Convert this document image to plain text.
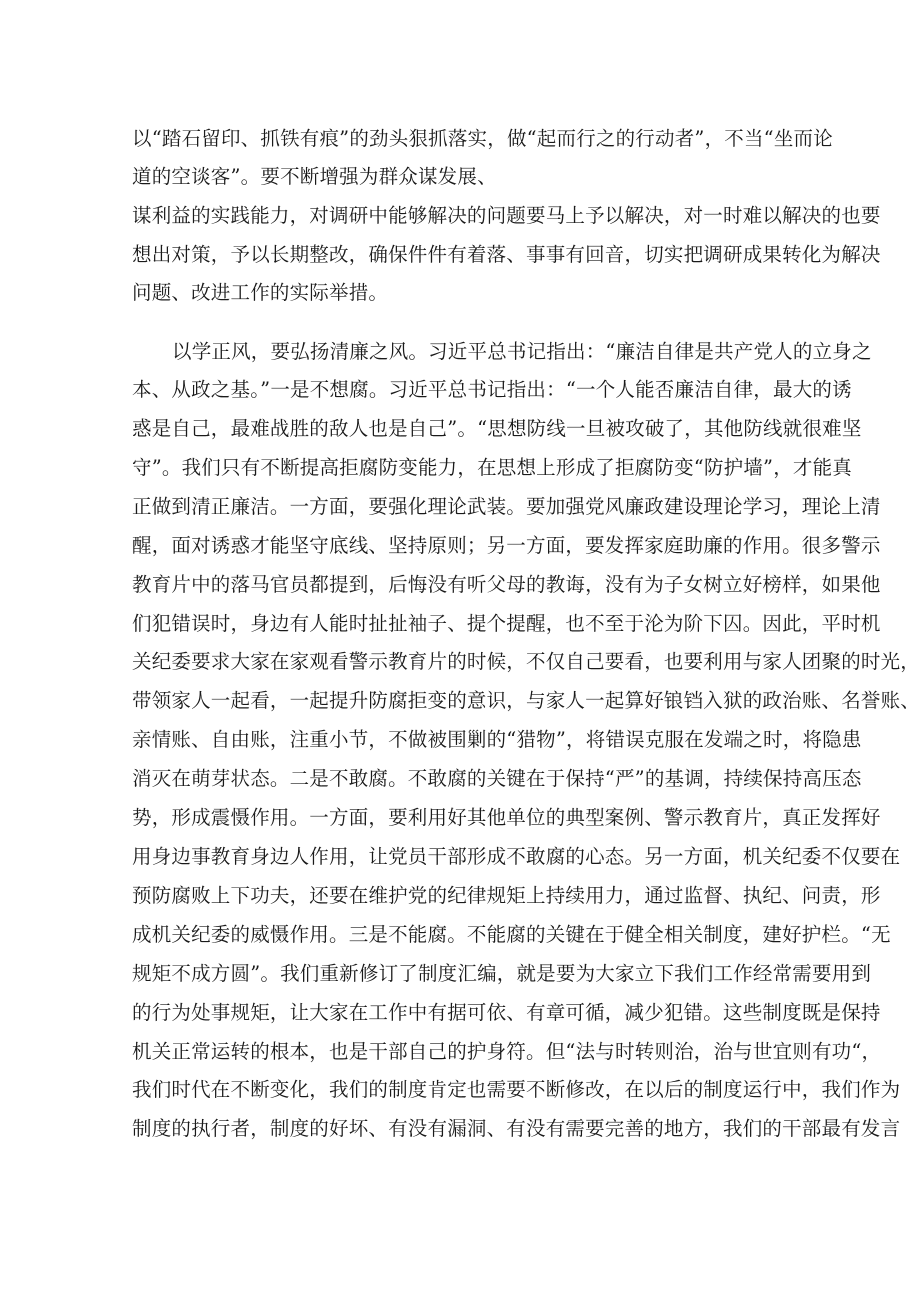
以“踏石留印、抓铁有痕”的劲头狠抓落实，做“起而行之的行动者”，不当“坐而论
道的空谈客”。要不断增强为群众谋发展、
谋利益的实践能力，对调研中能够解决的问题要马上予以解决，对一时难以解决的也要
想出对策，予以长期整改，确保件件有着落、事事有回音，切实把调研成果转化为解决
问题、改进工作的实际举措。
以学正风，要弘扬清廉之风。习近平总书记指出：“廉洁自律是共产党人的立身之
本、从政之基。”一是不想腐。习近平总书记指出：“一个人能否廉洁自律，最大的诱
惑是自己，最难战胜的敌人也是自己”。“思想防线一旦被攻破了，其他防线就很难坚
守”。我们只有不断提高拒腐防变能力，在思想上形成了拒腐防变“防护墙”，才能真
正做到清正廉洁。一方面，要强化理论武装。要加强党风廉政建设理论学习，理论上清
醒，面对诱惑才能坚守底线、坚持原则；另一方面，要发挥家庭助廉的作用。很多警示
教育片中的落马官员都提到，后悔没有听父母的教诲，没有为子女树立好榜样，如果他
们犯错误时，身边有人能时扯扯袖子、提个提醒，也不至于沦为阶下囚。因此，平时机
关纪委要求大家在家观看警示教育片的时候，不仅自己要看，也要利用与家人团聚的时光，
带领家人一起看，一起提升防腐拒变的意识，与家人一起算好锒铛入狱的政治账、名誉账、
亲情账、自由账，注重小节，不做被围剿的“猎物”，将错误克服在发端之时，将隐患
消灭在萌芽状态。二是不敢腐。不敢腐的关键在于保持“严”的基调，持续保持高压态
势，形成震慑作用。一方面，要利用好其他单位的典型案例、警示教育片，真正发挥好
用身边事教育身边人作用，让党员干部形成不敢腐的心态。另一方面，机关纪委不仅要在
预防腐败上下功夫，还要在维护党的纪律规矩上持续用力，通过监督、执纪、问责，形
成机关纪委的威慑作用。三是不能腐。不能腐的关键在于健全相关制度，建好护栏。“无
规矩不成方圆”。我们重新修订了制度汇编，就是要为大家立下我们工作经常需要用到
的行为处事规矩，让大家在工作中有据可依、有章可循，减少犯错。这些制度既是保持
机关正常运转的根本，也是干部自己的护身符。但“法与时转则治，治与世宜则有功“，
我们时代在不断变化，我们的制度肯定也需要不断修改，在以后的制度运行中，我们作为
制度的执行者，制度的好坏、有没有漏洞、有没有需要完善的地方，我们的干部最有发言
